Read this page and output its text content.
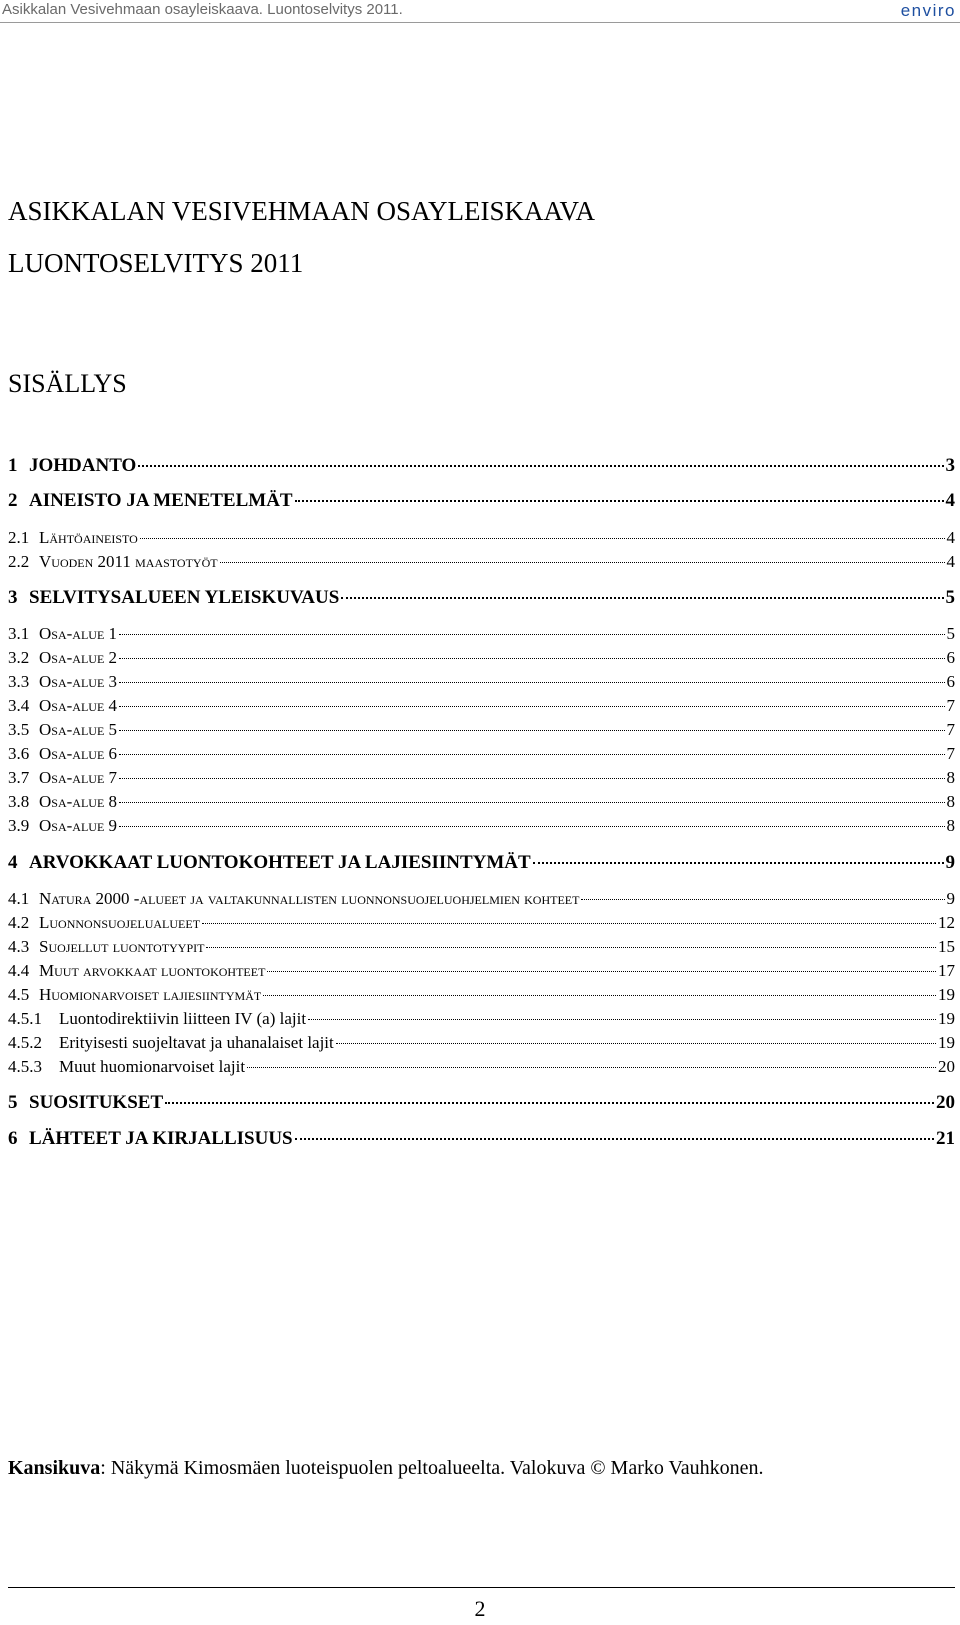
Asikkalan Vesivehmaan osayleiskaava. Luontoselvitys 2011.	enviro
ASIKKALAN VESIVEHMAAN OSAYLEISKAAVA
LUONTOSELVITYS 2011
SISÄLLYS
1 JOHDANTO	3
2 AINEISTO JA MENETELMÄT	4
2.1 Lähtöaineisto	4
2.2 Vuoden 2011 maastotyöt	4
3 SELVITYSALUEEN YLEISKUVAUS	5
3.1 Osa-alue 1	5
3.2 Osa-alue 2	6
3.3 Osa-alue 3	6
3.4 Osa-alue 4	7
3.5 Osa-alue 5	7
3.6 Osa-alue 6	7
3.7 Osa-alue 7	8
3.8 Osa-alue 8	8
3.9 Osa-alue 9	8
4 ARVOKKAAT LUONTOKOHTEET JA LAJIESIINTYMÄT	9
4.1 Natura 2000 -alueet ja valtakunnallisten luonnonsuojeluohjelmien kohteet	9
4.2 Luonnonsuojelualueet	12
4.3 Suojellut luontotyypit	15
4.4 Muut arvokkaat luontokohteet	17
4.5 Huomionarvoiset lajiesiintymät	19
4.5.1	Luontodirektiivin liitteen IV (a) lajit	19
4.5.2	Erityisesti suojeltavat ja uhanalaiset lajit	19
4.5.3	Muut huomionarvoiset lajit	20
5 SUOSITUKSET	20
6 LÄHTEET JA KIRJALLISUUS	21
Kansikuva: Näkymä Kimosmäen luoteispuolen peltoalueelta. Valokuva © Marko Vauhkonen.
2
